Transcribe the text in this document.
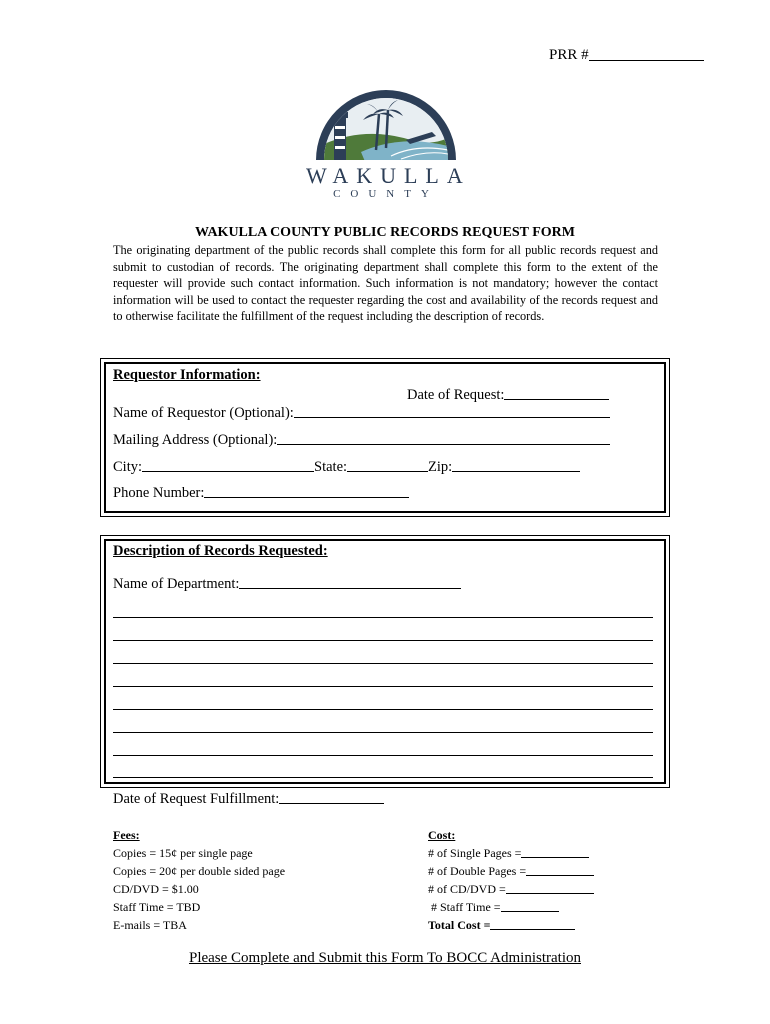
PRR #
WAKULLA
COUNTY
WAKULLA COUNTY PUBLIC RECORDS REQUEST FORM
The originating department of the public records shall complete this form for all public records request and submit to custodian of records. The originating department shall complete this form to the extent of the requester will provide such contact information. Such information is not mandatory; however the contact information will be used to contact the requester regarding the cost and availability of the records request and to otherwise facilitate the fulfillment of the request including the description of records.
Requestor Information:
Date of Request:
Name of Requestor (Optional):
Mailing Address (Optional):
City:	State:	Zip:
Phone Number:
Description of Records Requested:
Name of Department:
Date of Request Fulfillment:
Fees:
Copies = 15¢ per single page
Copies = 20¢ per double sided page
CD/DVD = $1.00
Staff Time = TBD
E-mails = TBA
Cost:
# of Single Pages =
# of Double Pages =
# of CD/DVD =
# Staff Time =
Total Cost =
Please Complete and Submit this Form To BOCC Administration
